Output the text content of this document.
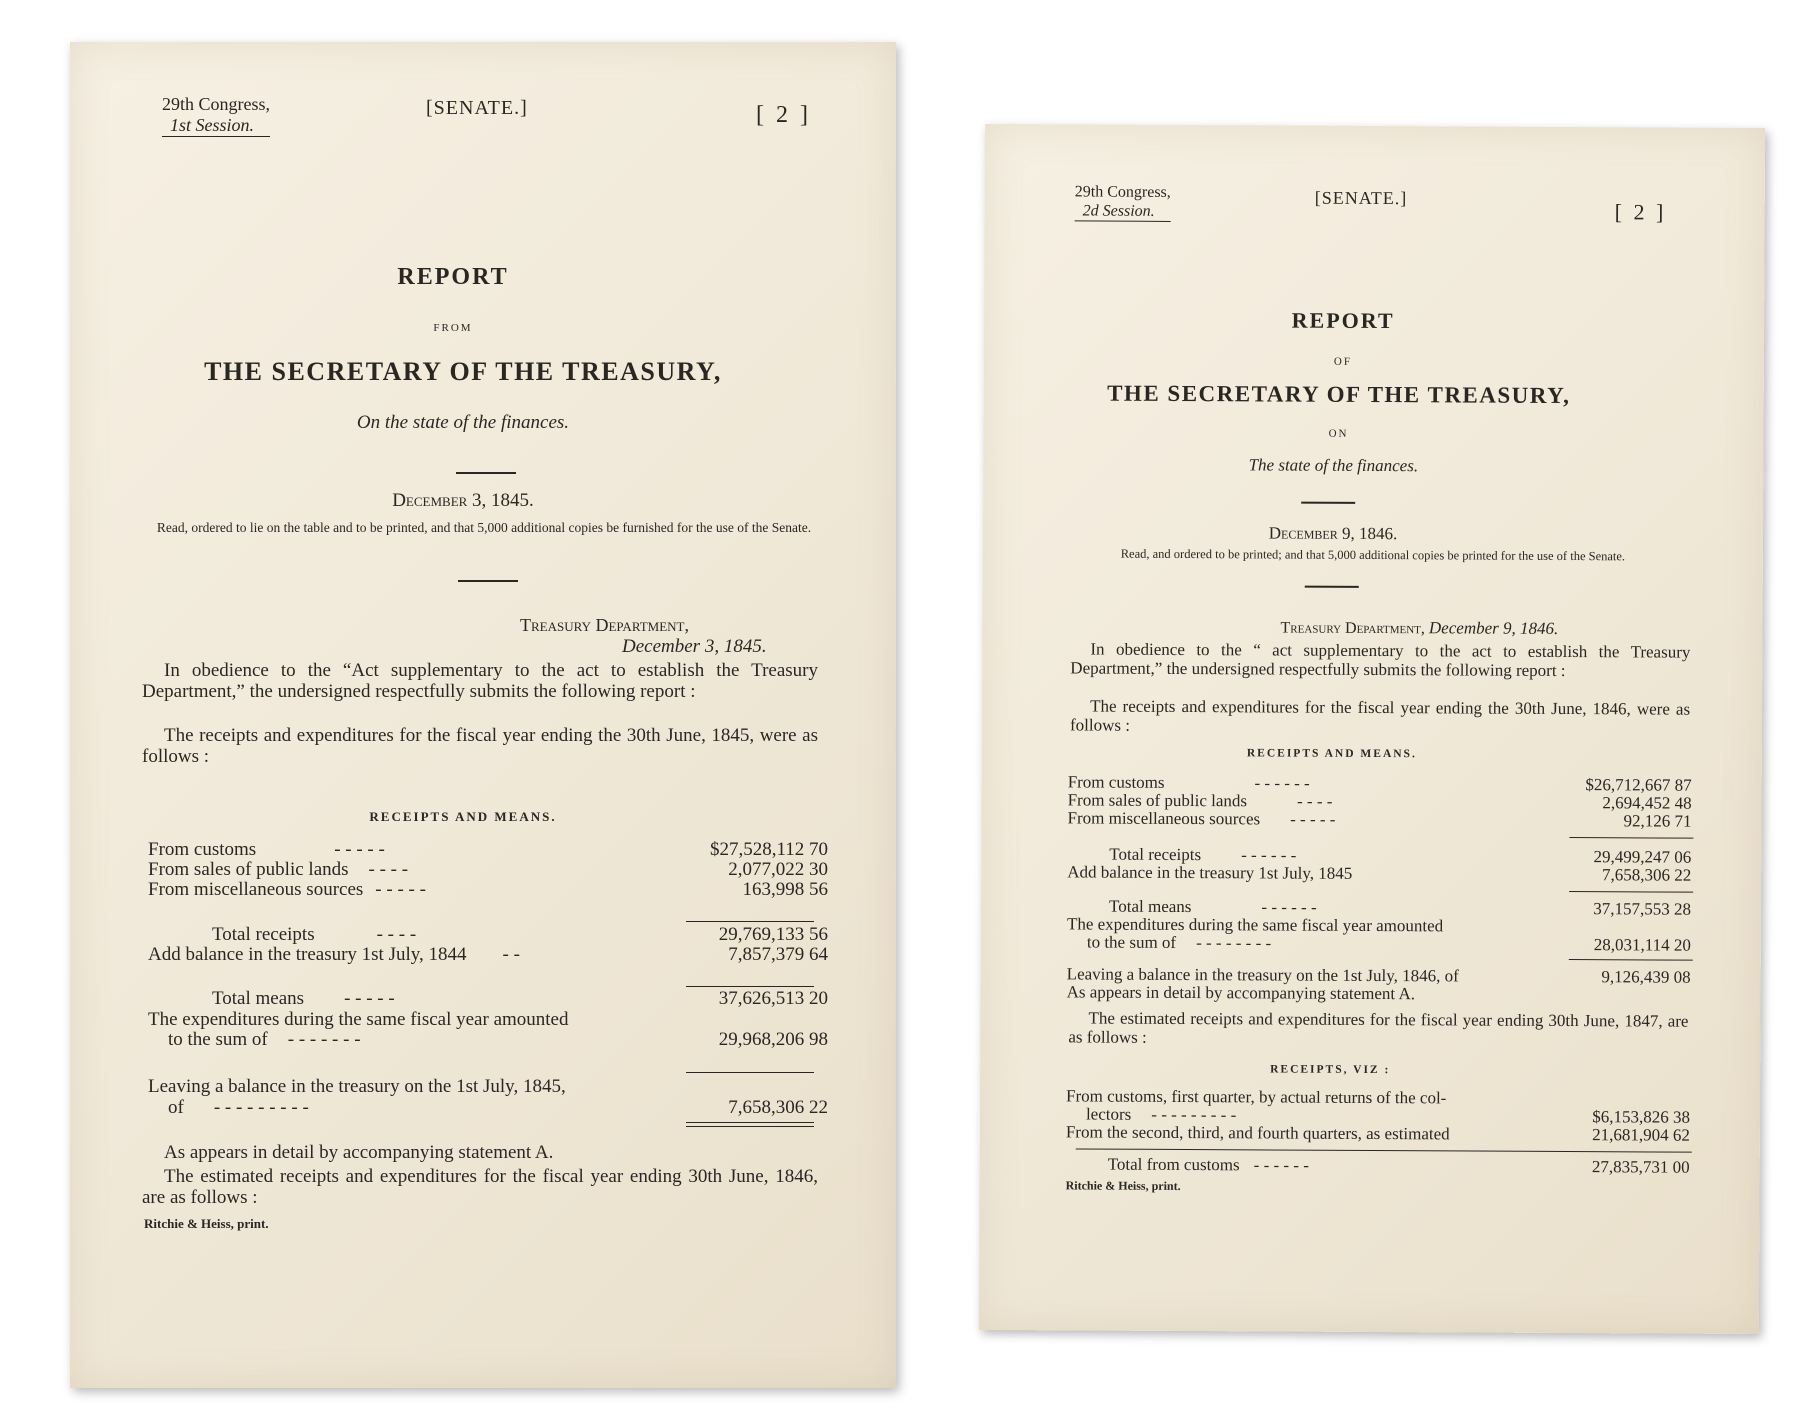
29th Congress,
1st Session.
[SENATE.]	[ 2 ]
REPORT
FROM
THE SECRETARY OF THE TREASURY,
On the state of the finances.
December 3, 1845.
Read, ordered to lie on the table and to be printed, and that 5,000 additional copies be furnished for the use of the Senate.
Treasury Department,
December 3, 1845.
In obedience to the “Act supplementary to the act to establish the Treasury Department,” the undersigned respectfully submits the following report :
The receipts and expenditures for the fiscal year ending the 30th June, 1845, were as follows :
RECEIPTS AND MEANS.
From customs	- - - - -	$27,528,112 70
From sales of public lands - - - -	2,077,022 30
From miscellaneous sources - - - - -	163,998 56
Total receipts	- - - -	29,769,133 56
Add balance in the treasury 1st July, 1844 - -	7,857,379 64
Total means - - - - -	37,626,513 20
The expenditures during the same fiscal year amounted
to the sum of - - - - - - -	29,968,206 98
Leaving a balance in the treasury on the 1st July, 1845,
of - - - - - - - - -	7,658,306 22
As appears in detail by accompanying statement A.
The estimated receipts and expenditures for the fiscal year ending 30th June, 1846, are as follows :
Ritchie & Heiss, print.
29th Congress,
2d Session.
[SENATE.]
[ 2 ]
REPORT
OF
THE SECRETARY OF THE TREASURY,
ON
The state of the finances.
December 9, 1846.
Read, and ordered to be printed; and that 5,000 additional copies be printed for the use of the Senate.
Treasury Department, December 9, 1846.
In obedience to the “ act supplementary to the act to establish the Treasury Department,” the undersigned respectfully submits the following report :
The receipts and expenditures for the fiscal year ending the 30th June, 1846, were as follows :
RECEIPTS AND MEANS.
From customs	- - - - - -	$26,712,667 87
From sales of public lands	- - - -	2,694,452 48
From miscellaneous sources - - - - -	92,126 71
Total receipts - - - - - -	29,499,247 06
Add balance in the treasury 1st July, 1845	7,658,306 22
Total means	- - - - - -	37,157,553 28
The expenditures during the same fiscal year amounted
to the sum of - - - - - - - -	28,031,114 20
Leaving a balance in the treasury on the 1st July, 1846, of	9,126,439 08
As appears in detail by accompanying statement A.
The estimated receipts and expenditures for the fiscal year ending 30th June, 1847, are as follows :
RECEIPTS, VIZ :
From customs, first quarter, by actual returns of the col-
lectors - - - - - - - - -	$6,153,826 38
From the second, third, and fourth quarters, as estimated	21,681,904 62
Total from customs - - - - - -	27,835,731 00
Ritchie & Heiss, print.
